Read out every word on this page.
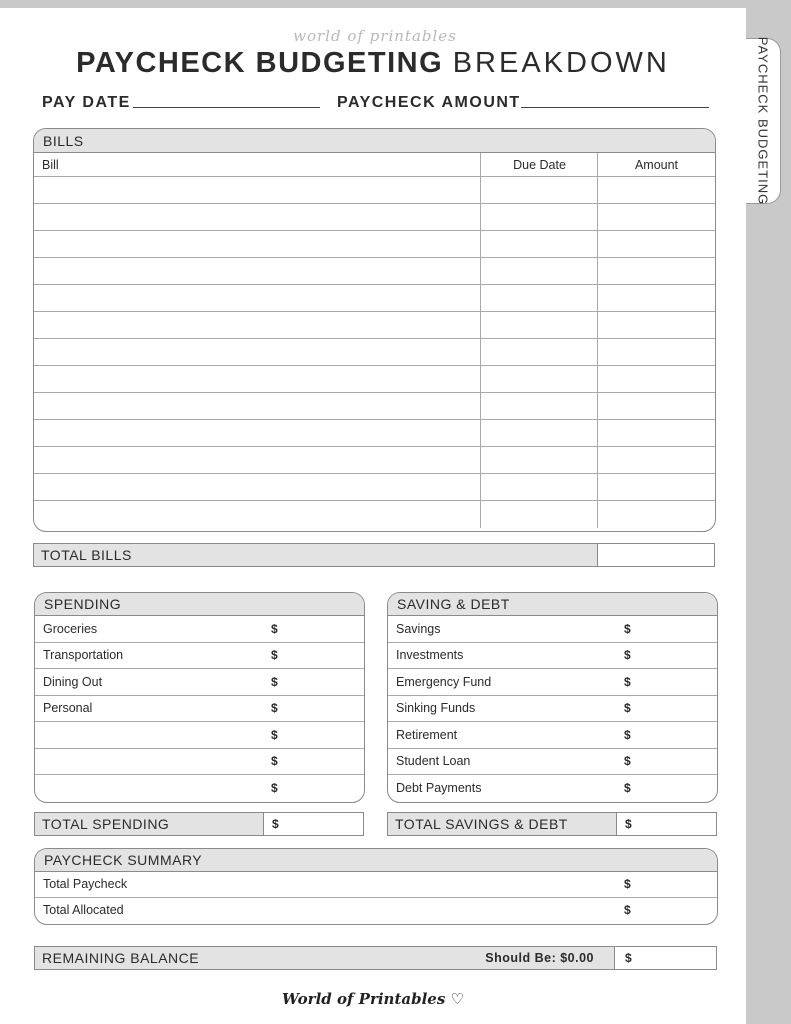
PAYCHECK BUDGETING
world of printables
PAYCHECK BUDGETING BREAKDOWN
PAY DATE	PAYCHECK AMOUNT
BILLS
Bill	Due Date	Amount
TOTAL BILLS
SPENDING
Groceries	$
Transportation	$
Dining Out	$
Personal	$
$
$
$
TOTAL SPENDING	$
SAVING & DEBT
Savings	$
Investments	$
Emergency Fund	$
Sinking Funds	$
Retirement	$
Student Loan	$
Debt Payments	$
TOTAL SAVINGS & DEBT	$
PAYCHECK SUMMARY
Total Paycheck	$
Total Allocated	$
REMAINING BALANCE	Should Be: $0.00	$
World of Printables ♡
